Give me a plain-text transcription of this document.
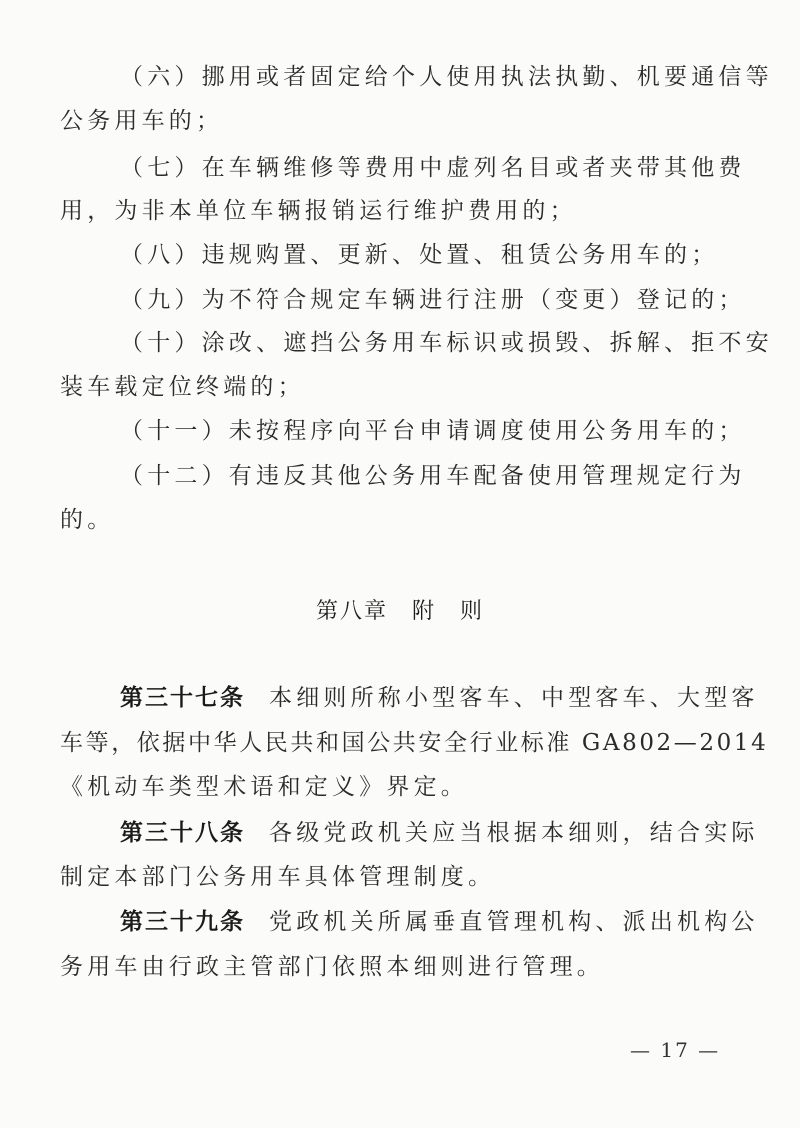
（六）挪用或者固定给个人使用执法执勤、机要通信等
公务用车的；
（七）在车辆维修等费用中虚列名目或者夹带其他费
用，为非本单位车辆报销运行维护费用的；
（八）违规购置、更新、处置、租赁公务用车的；
（九）为不符合规定车辆进行注册（变更）登记的；
（十）涂改、遮挡公务用车标识或损毁、拆解、拒不安
装车载定位终端的；
（十一）未按程序向平台申请调度使用公务用车的；
（十二）有违反其他公务用车配备使用管理规定行为
的。
第八章 附　则
第三十七条 本细则所称小型客车、中型客车、大型客
车等，依据中华人民共和国公共安全行业标准 GA802—2014
《机动车类型术语和定义》界定。
第三十八条 各级党政机关应当根据本细则，结合实际
制定本部门公务用车具体管理制度。
第三十九条 党政机关所属垂直管理机构、派出机构公
务用车由行政主管部门依照本细则进行管理。
— 17 —
